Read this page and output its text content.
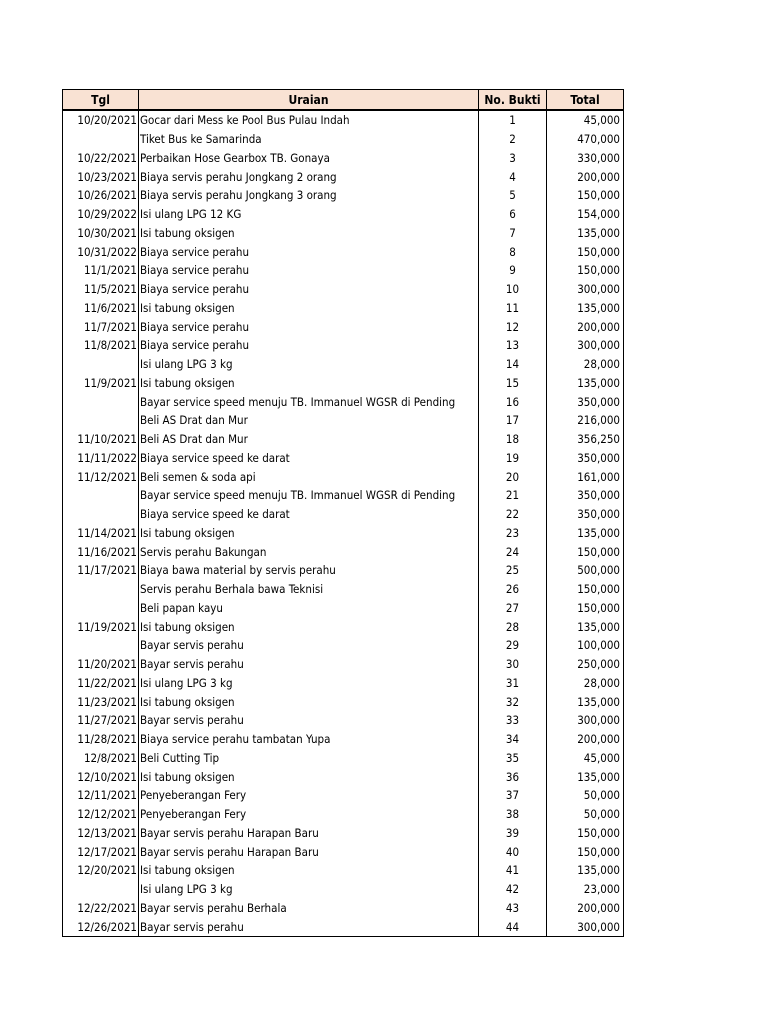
Tgl	Uraian	No. Bukti	Total
10/20/2021	Gocar dari Mess ke Pool Bus Pulau Indah	1	45,000
	Tiket Bus ke Samarinda	2	470,000
10/22/2021	Perbaikan Hose Gearbox TB. Gonaya	3	330,000
10/23/2021	Biaya servis perahu Jongkang 2 orang	4	200,000
10/26/2021	Biaya servis perahu Jongkang 3 orang	5	150,000
10/29/2022	Isi ulang LPG 12 KG	6	154,000
10/30/2021	Isi tabung oksigen	7	135,000
10/31/2022	Biaya service perahu	8	150,000
11/1/2021	Biaya service perahu	9	150,000
11/5/2021	Biaya service perahu	10	300,000
11/6/2021	Isi tabung oksigen	11	135,000
11/7/2021	Biaya service perahu	12	200,000
11/8/2021	Biaya service perahu	13	300,000
	Isi ulang LPG 3 kg	14	28,000
11/9/2021	Isi tabung oksigen	15	135,000
	Bayar service speed menuju TB. Immanuel WGSR di Pending	16	350,000
	Beli AS Drat dan Mur	17	216,000
11/10/2021	Beli AS Drat dan Mur	18	356,250
11/11/2022	Biaya service speed ke darat	19	350,000
11/12/2021	Beli semen & soda api	20	161,000
	Bayar service speed menuju TB. Immanuel WGSR di Pending	21	350,000
	Biaya service speed ke darat	22	350,000
11/14/2021	Isi tabung oksigen	23	135,000
11/16/2021	Servis perahu Bakungan	24	150,000
11/17/2021	Biaya bawa material by servis perahu	25	500,000
	Servis perahu Berhala bawa Teknisi	26	150,000
	Beli papan kayu	27	150,000
11/19/2021	Isi tabung oksigen	28	135,000
	Bayar servis perahu	29	100,000
11/20/2021	Bayar servis perahu	30	250,000
11/22/2021	Isi ulang LPG 3 kg	31	28,000
11/23/2021	Isi tabung oksigen	32	135,000
11/27/2021	Bayar servis perahu	33	300,000
11/28/2021	Biaya service perahu tambatan Yupa	34	200,000
12/8/2021	Beli Cutting Tip	35	45,000
12/10/2021	Isi tabung oksigen	36	135,000
12/11/2021	Penyeberangan Fery	37	50,000
12/12/2021	Penyeberangan Fery	38	50,000
12/13/2021	Bayar servis perahu Harapan Baru	39	150,000
12/17/2021	Bayar servis perahu Harapan Baru	40	150,000
12/20/2021	Isi tabung oksigen	41	135,000
	Isi ulang LPG 3 kg	42	23,000
12/22/2021	Bayar servis perahu Berhala	43	200,000
12/26/2021	Bayar servis perahu	44	300,000
